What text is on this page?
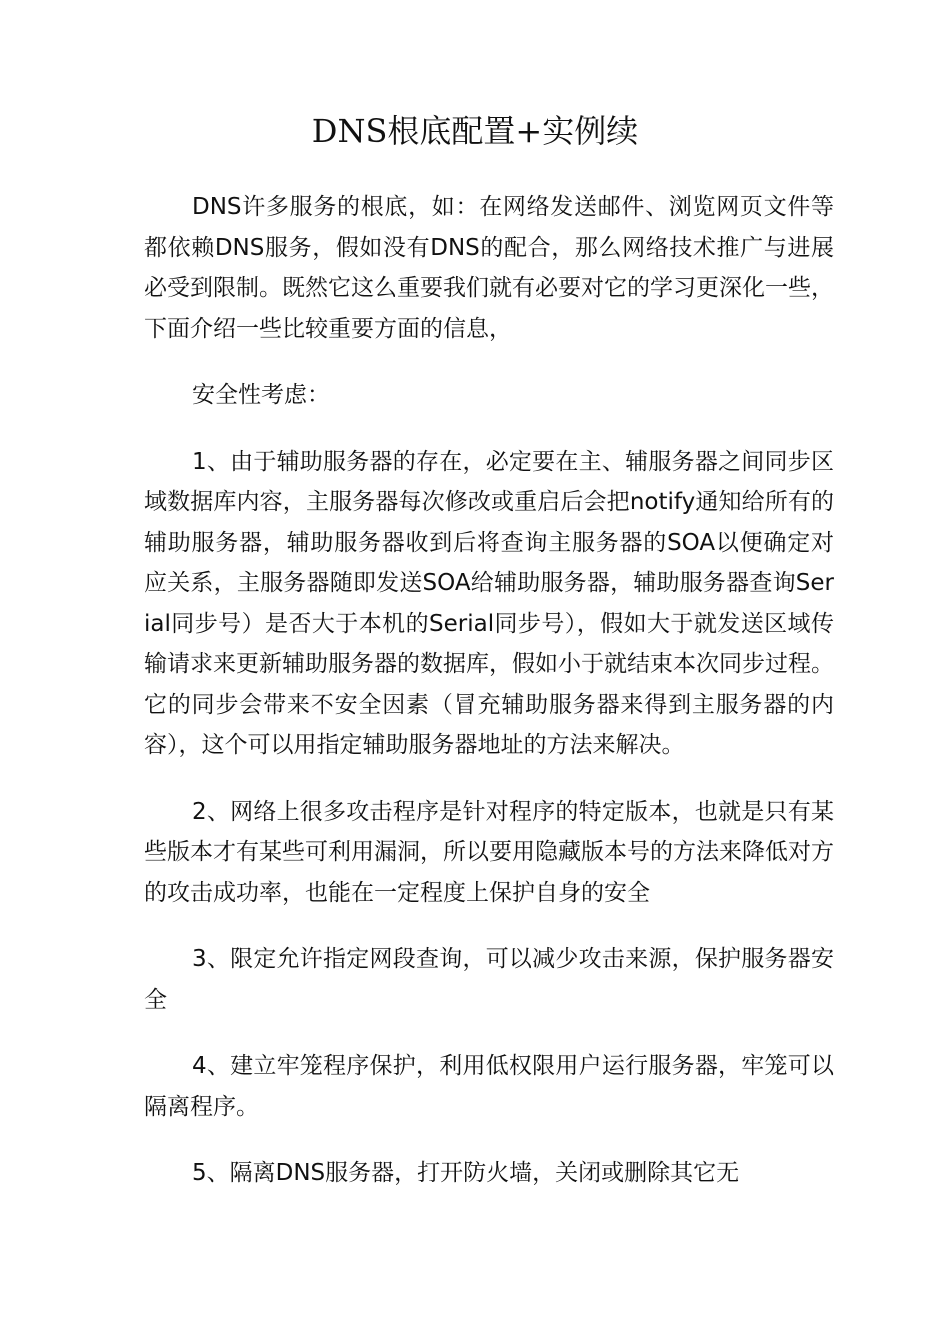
DNS根底配置+实例续

DNS许多服务的根底，如：在网络发送邮件、浏览网页文件等都依赖DNS服务，假如没有DNS的配合，那么网络技术推广与进展必受到限制。既然它这么重要我们就有必要对它的学习更深化一些，下面介绍一些比较重要方面的信息，

安全性考虑：

1、由于辅助服务器的存在，必定要在主、辅服务器之间同步区域数据库内容，主服务器每次修改或重启后会把notify通知给所有的辅助服务器，辅助服务器收到后将查询主服务器的SOA以便确定对应关系，主服务器随即发送SOA给辅助服务器，辅助服务器查询Serial同步号）是否大于本机的Serial同步号），假如大于就发送区域传输请求来更新辅助服务器的数据库，假如小于就结束本次同步过程。它的同步会带来不安全因素（冒充辅助服务器来得到主服务器的内容），这个可以用指定辅助服务器地址的方法来解决。

2、网络上很多攻击程序是针对程序的特定版本，也就是只有某些版本才有某些可利用漏洞，所以要用隐藏版本号的方法来降低对方的攻击成功率，也能在一定程度上保护自身的安全

3、限定允许指定网段查询，可以减少攻击来源，保护服务器安全

4、建立牢笼程序保护，利用低权限用户运行服务器，牢笼可以隔离程序。

5、隔离DNS服务器，打开防火墙，关闭或删除其它无
